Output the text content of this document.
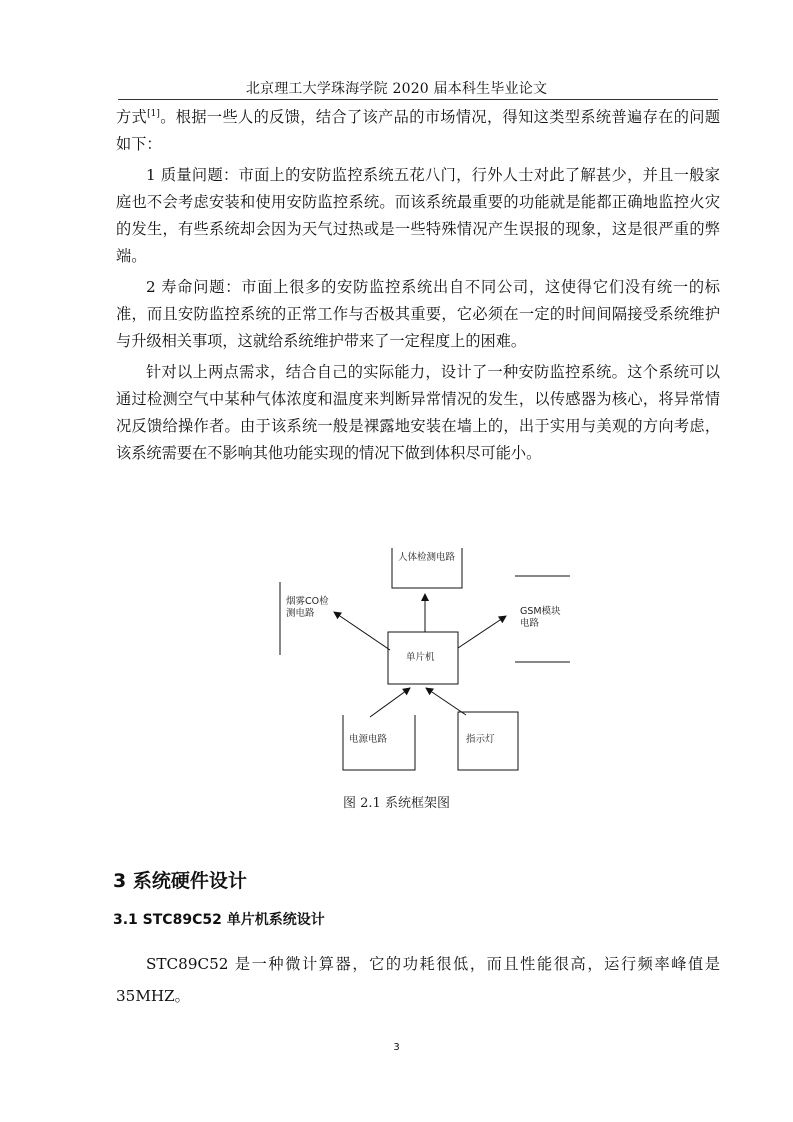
北京理工大学珠海学院 2020 届本科生毕业论文

方式[1]。根据一些人的反馈，结合了该产品的市场情况，得知这类型系统普遍存在的问题如下：

1 质量问题：市面上的安防监控系统五花八门，行外人士对此了解甚少，并且一般家庭也不会考虑安装和使用安防监控系统。而该系统最重要的功能就是能都正确地监控火灾的发生，有些系统却会因为天气过热或是一些特殊情况产生误报的现象，这是很严重的弊端。

2 寿命问题：市面上很多的安防监控系统出自不同公司，这使得它们没有统一的标准，而且安防监控系统的正常工作与否极其重要，它必须在一定的时间间隔接受系统维护与升级相关事项，这就给系统维护带来了一定程度上的困难。

针对以上两点需求，结合自己的实际能力，设计了一种安防监控系统。这个系统可以通过检测空气中某种气体浓度和温度来判断异常情况的发生，以传感器为核心，将异常情况反馈给操作者。由于该系统一般是裸露地安装在墙上的，出于实用与美观的方向考虑，该系统需要在不影响其他功能实现的情况下做到体积尽可能小。

人体检测电路
烟雾CO检测电路	GSM模块电路
单片机
电源电路	指示灯
图 2.1 系统框架图
3 系统硬件设计
3.1 STC89C52 单片机系统设计
STC89C52 是一种微计算器，它的功耗很低，而且性能很高，运行频率峰值是 35MHZ。
3
